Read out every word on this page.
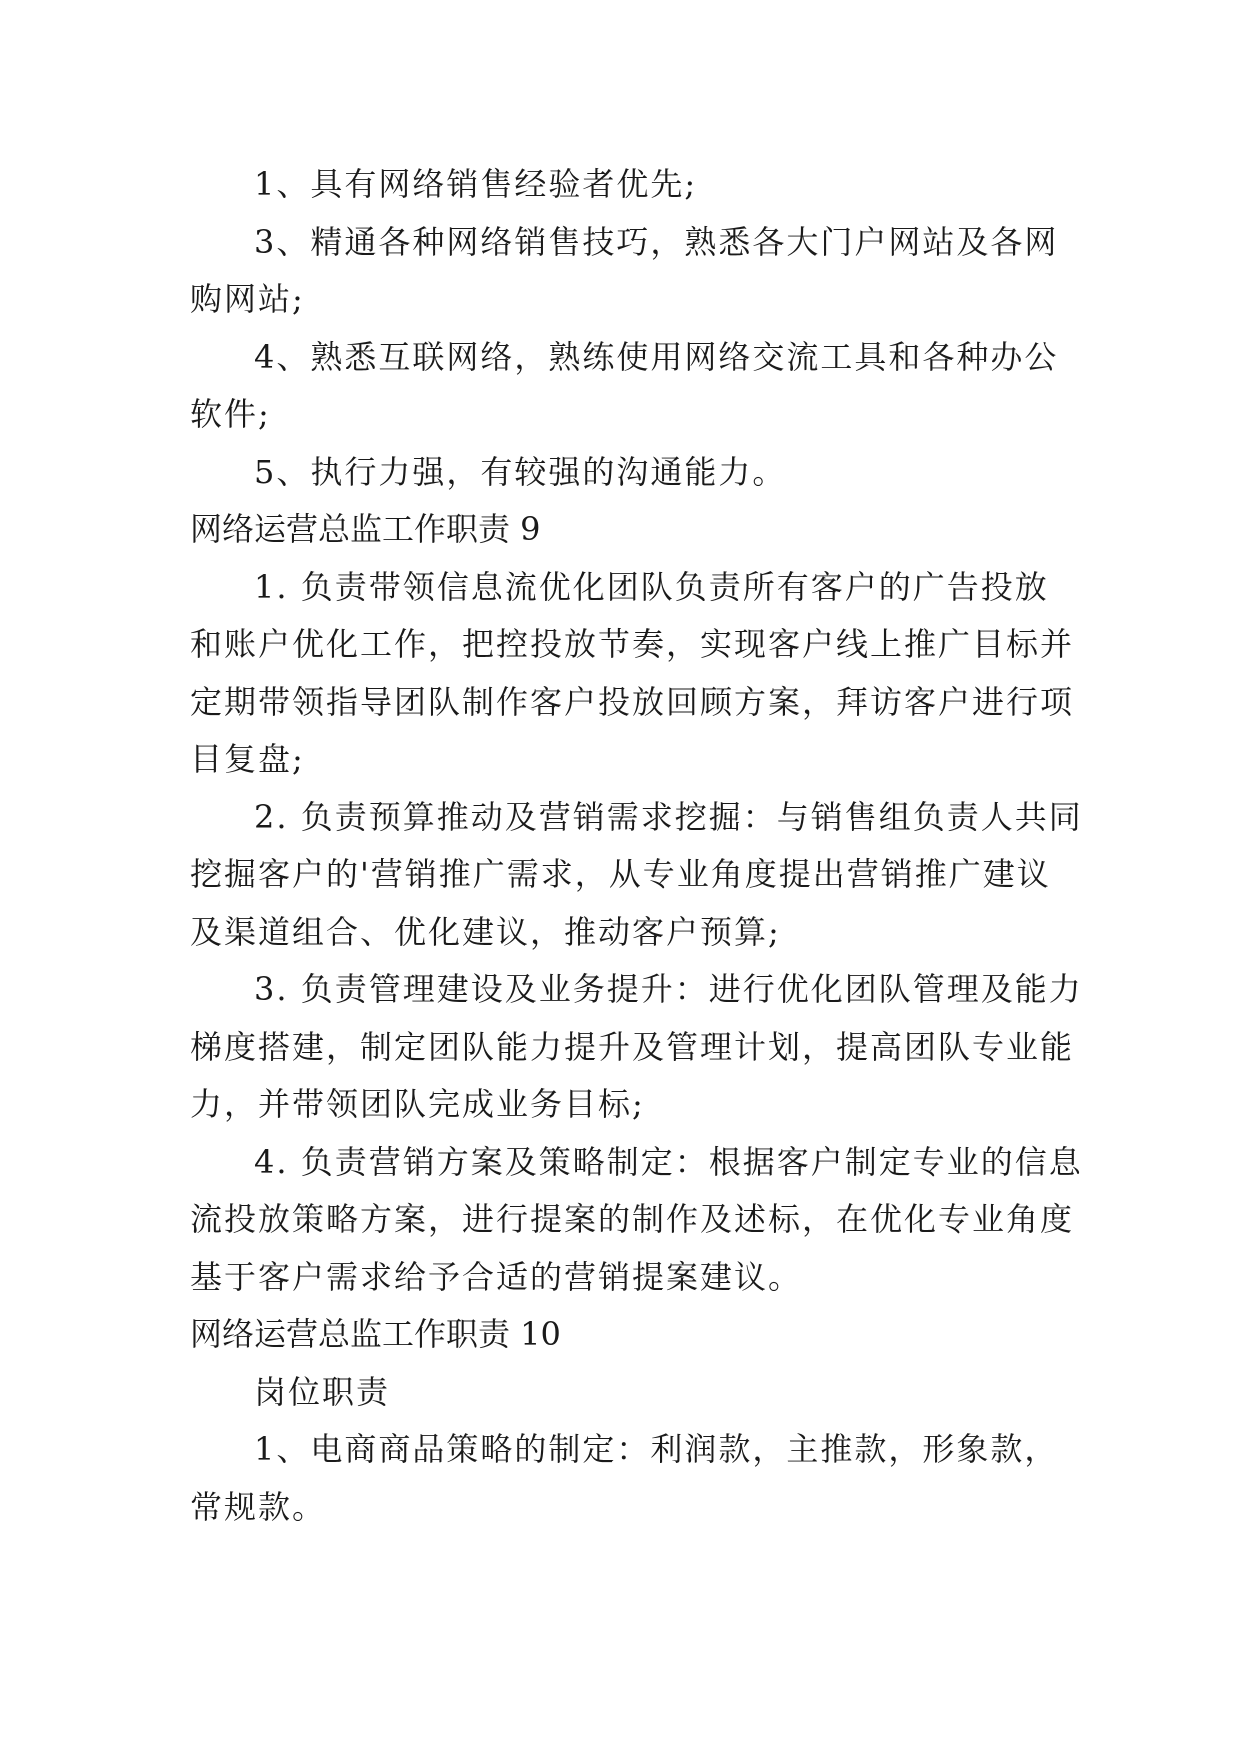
1、具有网络销售经验者优先;
3、精通各种网络销售技巧，熟悉各大门户网站及各网
购网站;
4、熟悉互联网络，熟练使用网络交流工具和各种办公
软件;
5、执行力强，有较强的沟通能力。
网络运营总监工作职责 9
1. 负责带领信息流优化团队负责所有客户的广告投放
和账户优化工作，把控投放节奏，实现客户线上推广目标并
定期带领指导团队制作客户投放回顾方案，拜访客户进行项
目复盘;
2. 负责预算推动及营销需求挖掘：与销售组负责人共同
挖掘客户的'营销推广需求，从专业角度提出营销推广建议
及渠道组合、优化建议，推动客户预算;
3. 负责管理建设及业务提升：进行优化团队管理及能力
梯度搭建，制定团队能力提升及管理计划，提高团队专业能
力，并带领团队完成业务目标;
4. 负责营销方案及策略制定：根据客户制定专业的信息
流投放策略方案，进行提案的制作及述标，在优化专业角度
基于客户需求给予合适的营销提案建议。
网络运营总监工作职责 10
岗位职责
1、电商商品策略的制定：利润款，主推款，形象款，
常规款。
